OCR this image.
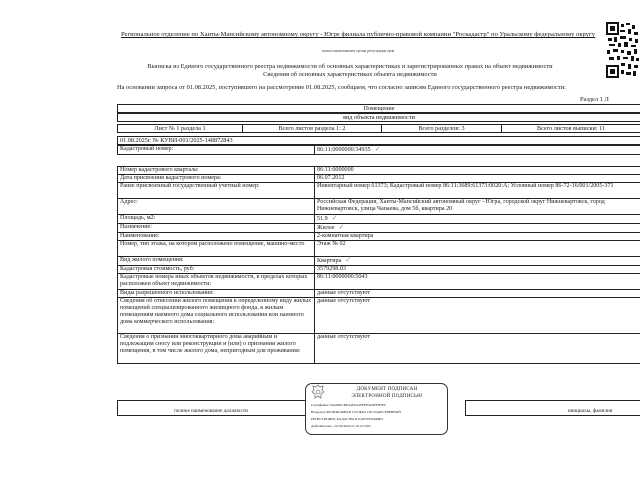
Региональное отделение по Ханты-Мансийскому автономному округу - Югре филиала публично-правовой компании "Роскадастр" по Уральскому федеральному округу
полное наименование органа регистрации прав
Выписка из Единого государственного реестра недвижимости об основных характеристиках и зарегистрированных правах на объект недвижимости
Сведения об основных характеристиках объекта недвижимости
На основании запроса от 01.08.2025, поступившего на рассмотрение 01.08.2025, сообщаем, что согласно записям Единого государственного реестра недвижимости:
Раздел 1 Л
Помещение
вид объекта недвижимости
Лист № 1 раздела 1	Всего листов раздела 1: 2	Всего разделов: 3	Всего листов выписки: 11
01.08.2025г. № КУВИ-001/2025-148872843
Кадастровый номер:	86:11:0000000:34935 ✓
Номер кадастрового квартала:	86:11:0000000
Дата присвоения кадастрового номера:	06.07.2012
Ранее присвоенный государственный учетный номер:	Инвентарный номер 61373; Кадастровый номер 86:11:3689:61373:0020:А; Условный номер 86-72-16/001/2005-371
Адрес:	Российская Федерация, Ханты-Мансийский автономный округ - Югра, городской округ Нижневартовск, город Нижневартовск, улица Чапаева, дом 5б, квартира 20
Площадь, м2:	51.9 ✓
Назначение:	Жилое ✓
Наименование:	2-комнатная квартира
Номер, тип этажа, на котором расположено помещение, машино-место	Этаж № 02
Вид жилого помещения:	Квартира ✓
Кадастровая стоимость, руб:	3579298.03
Кадастровые номера иных объектов недвижимости, в пределах которых расположен объект недвижимости:	86:11:0000000:5043
Виды разрешенного использования:	данные отсутствуют
Сведения об отнесении жилого помещения к определенному виду жилых помещений специализированного жилищного фонда, к жилым помещениям наемного дома социального использования или наемного дома коммерческого использования:	данные отсутствуют
Сведения о признании многоквартирного дома аварийным и подлежащим сносу или реконструкции и (или) о признании жилого помещения, в том числе жилого дома, непригодным для проживания:	данные отсутствуют
полное наименование должности	инициалы, фамилия
ДОКУМЕНТ ПОДПИСАН
ЭЛЕКТРОННОЙ ПОДПИСЬЮ
Сертификат: 00A9E0CDEA2E0A49FF0D2DFFB2E9
Владелец: ФЕДЕРАЛЬНАЯ СЛУЖБА ГОСУДАРСТВЕННОЙ
РЕГИСТРАЦИИ, КАДАСТРА И КАРТОГРАФИИ
Действителен: с 02.08.2024 по 26.10.2025
